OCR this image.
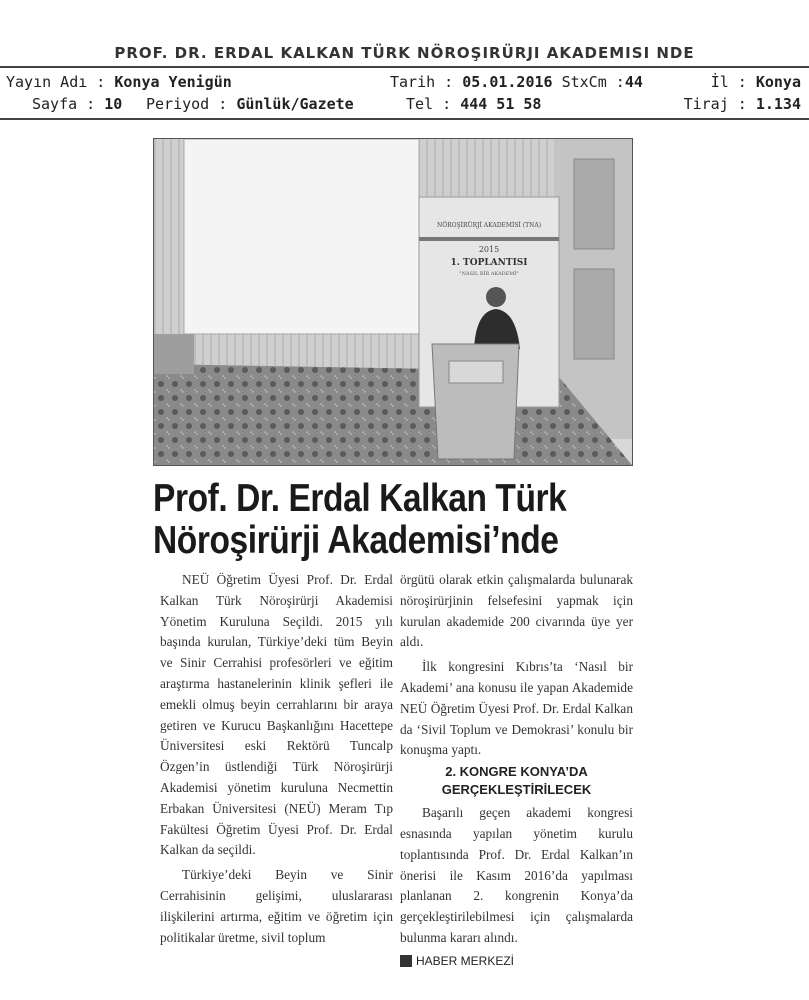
PROF. DR. ERDAL KALKAN TÜRK NÖROŞIRÜRJI AKADEMISI NDE
Yayın Adı : Konya Yenigün	Tarih : 05.01.2016 StxCm :44	İl : Konya
Sayfa : 10 Periyod : Günlük/Gazete	Tel : 444 51 58	Tiraj : 1.134
NÖROŞİRÜRJİ AKADEMİSİ (TNA)
2015
1. TOPLANTISI
"NASIL BİR AKADEMİ"
Prof. Dr. Erdal Kalkan Türk
Nöroşirürji Akademisi’nde

NEÜ Öğretim Üyesi Prof. Dr. Erdal Kalkan Türk Nöroşirürji Akademisi Yönetim Kuruluna Seçildi. 2015 yılı başında kurulan, Türkiye’deki tüm Beyin ve Sinir Cerrahisi profesörleri ve eğitim araştırma hastanelerinin klinik şefleri ile emekli olmuş beyin cerrahlarını bir araya getiren ve Kurucu Başkanlığını Hacettepe Üniversitesi eski Rektörü Tuncalp Özgen’in üstlendiği Türk Nöroşirürji Akademisi yönetim kuruluna Necmettin Erbakan Üniversitesi (NEÜ) Meram Tıp Fakültesi Öğretim Üyesi Prof. Dr. Erdal Kalkan da seçildi.

Türkiye’deki Beyin ve Sinir Cerrahisinin gelişimi, uluslararası ilişkilerini artırma, eğitim ve öğretim için politikalar üretme, sivil toplum

örgütü olarak etkin çalışmalarda bulunarak nöroşirürjinin felsefesini yapmak için kurulan akademide 200 civarında üye yer aldı.

İlk kongresini Kıbrıs’ta ‘Nasıl bir Akademi’ ana konusu ile yapan Akademide NEÜ Öğretim Üyesi Prof. Dr. Erdal Kalkan da ‘Sivil Toplum ve Demokrasi’ konulu bir konuşma yaptı.

2. KONGRE KONYA’DA
GERÇEKLEŞTİRİLECEK

Başarılı geçen akademi kongresi esnasında yapılan yönetim kurulu toplantısında Prof. Dr. Erdal Kalkan’ın önerisi ile Kasım 2016’da yapılması planlanan 2. kongrenin Konya’da gerçekleştirilebilmesi için çalışmalarda bulunma kararı alındı.

HABER MERKEZİ
